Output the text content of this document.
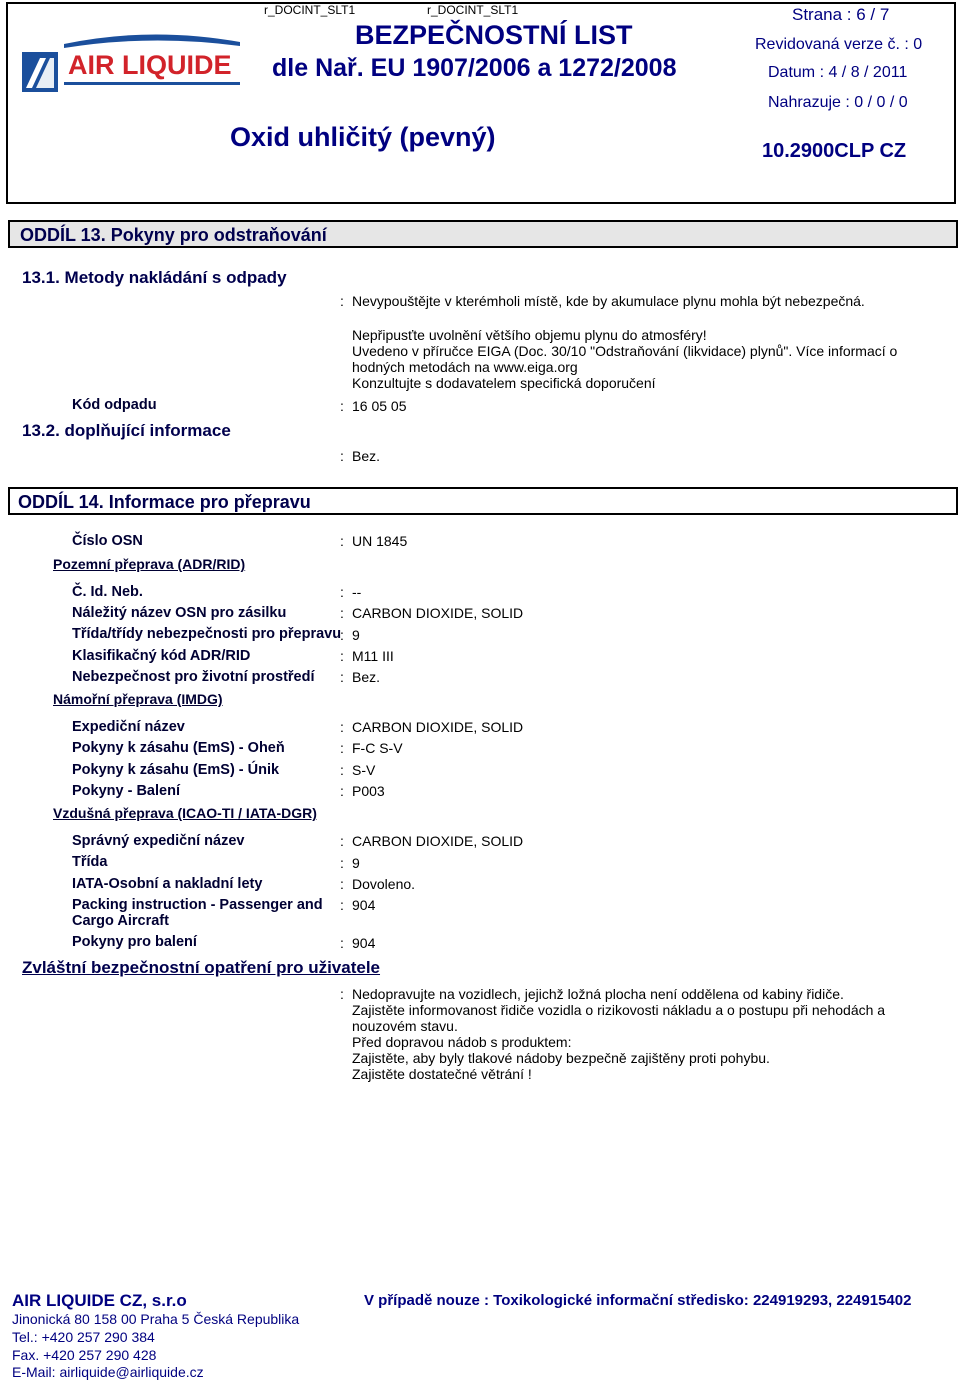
AIR LIQUIDE
r_DOCINT_SLT1	r_DOCINT_SLT1
BEZPEČNOSTNÍ LIST
dle Nař. EU 1907/2006 a 1272/2008
Oxid uhličitý (pevný)
Strana : 6 / 7
Revidovaná verze č. : 0
Datum : 4 / 8 / 2011
Nahrazuje : 0 / 0 / 0
10.2900CLP CZ
ODDÍL 13. Pokyny pro odstraňování
13.1. Metody nakládání s odpady
: Nevypouštějte v kterémholi místě, kde by akumulace plynu mohla být nebezpečná.
Nepřipusťte uvolnění většího objemu plynu do atmosféry!
Uvedeno v příručce EIGA (Doc. 30/10 "Odstraňování (likvidace) plynů". Více informací o
hodných metodách na www.eiga.org
Konzultujte s dodavatelem specifická doporučení
Kód odpadu	: 16 05 05
13.2. doplňující informace
: Bez.
ODDÍL 14. Informace pro přepravu
Číslo OSN	: UN 1845
Pozemní přeprava (ADR/RID)
Č. Id. Neb.	: --
Náležitý název OSN pro zásilku	: CARBON DIOXIDE, SOLID
Třída/třídy nebezpečnosti pro přepravu
: 9
Klasifikačný kód ADR/RID	: M11 III
Nebezpečnost pro životní prostředí : Bez.
Námořní přeprava (IMDG)
Expediční název	: CARBON DIOXIDE, SOLID
Pokyny k zásahu (EmS) - Oheň	: F-C S-V
Pokyny k zásahu (EmS) - Únik	: S-V
Pokyny - Balení	: P003
Vzdušná přeprava (ICAO-TI / IATA-DGR)
Správný expediční název	: CARBON DIOXIDE, SOLID
Třída	: 9
IATA-Osobní a nakladní lety	: Dovoleno.
Packing instruction - Passenger and
Cargo Aircraft
: 904
Pokyny pro balení	: 904
Zvláštní bezpečnostní opatření pro uživatele
: Nedopravujte na vozidlech, jejichž ložná plocha není oddělena od kabiny řidiče.
Zajistěte informovanost řidiče vozidla o rizikovosti nákladu a o postupu při nehodách a
nouzovém stavu.
Před dopravou nádob s produktem:
Zajistěte, aby byly tlakové nádoby bezpečně zajištěny proti pohybu.
Zajistěte dostatečné větrání !
AIR LIQUIDE CZ, s.r.o	V případě nouze : Toxikologické informační středisko: 224919293, 224915402
Jinonická 80 158 00 Praha 5 Česká Republika
Tel.: +420 257 290 384
Fax. +420 257 290 428
E-Mail: airliquide@airliquide.cz
